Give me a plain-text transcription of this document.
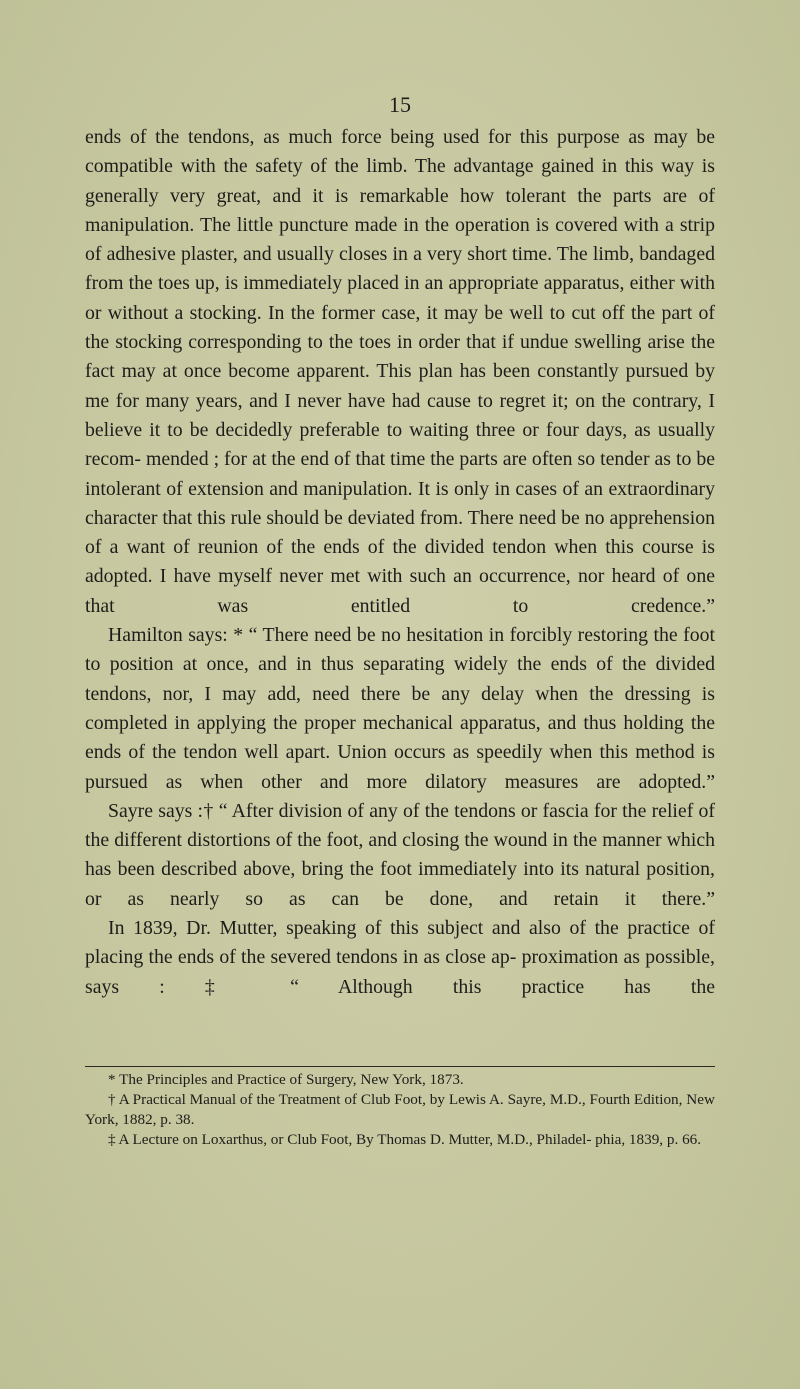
15

ends of the tendons, as much force being used for this purpose as may be compatible with the safety of the limb. The advantage gained in this way is generally very great, and it is remarkable how tolerant the parts are of manipulation. The little puncture made in the operation is covered with a strip of adhesive plaster, and usually closes in a very short time. The limb, bandaged from the toes up, is immediately placed in an appropriate apparatus, either with or without a stocking. In the former case, it may be well to cut off the part of the stocking corresponding to the toes in order that if undue swelling arise the fact may at once become apparent. This plan has been constantly pursued by me for many years, and I never have had cause to regret it; on the contrary, I believe it to be decidedly preferable to waiting three or four days, as usually recom- mended ; for at the end of that time the parts are often so tender as to be intolerant of extension and manipulation. It is only in cases of an extraordinary character that this rule should be deviated from. There need be no apprehension of a want of reunion of the ends of the divided tendon when this course is adopted. I have myself never met with such an occurrence, nor heard of one that was entitled to credence.”

Hamilton says: * “ There need be no hesitation in forcibly restoring the foot to position at once, and in thus separating widely the ends of the divided tendons, nor, I may add, need there be any delay when the dressing is completed in applying the proper mechanical apparatus, and thus holding the ends of the tendon well apart. Union occurs as speedily when this method is pursued as when other and more dilatory measures are adopted.”

Sayre says :† “ After division of any of the tendons or fascia for the relief of the different distortions of the foot, and closing the wound in the manner which has been described above, bring the foot immediately into its natural position, or as nearly so as can be done, and retain it there.”

In 1839, Dr. Mutter, speaking of this subject and also of the practice of placing the ends of the severed tendons in as close ap- proximation as possible, says : ‡ “ Although this practice has the

* The Principles and Practice of Surgery, New York, 1873.

† A Practical Manual of the Treatment of Club Foot, by Lewis A. Sayre, M.D., Fourth Edition, New York, 1882, p. 38.

‡ A Lecture on Loxarthus, or Club Foot, By Thomas D. Mutter, M.D., Philadel- phia, 1839, p. 66.
